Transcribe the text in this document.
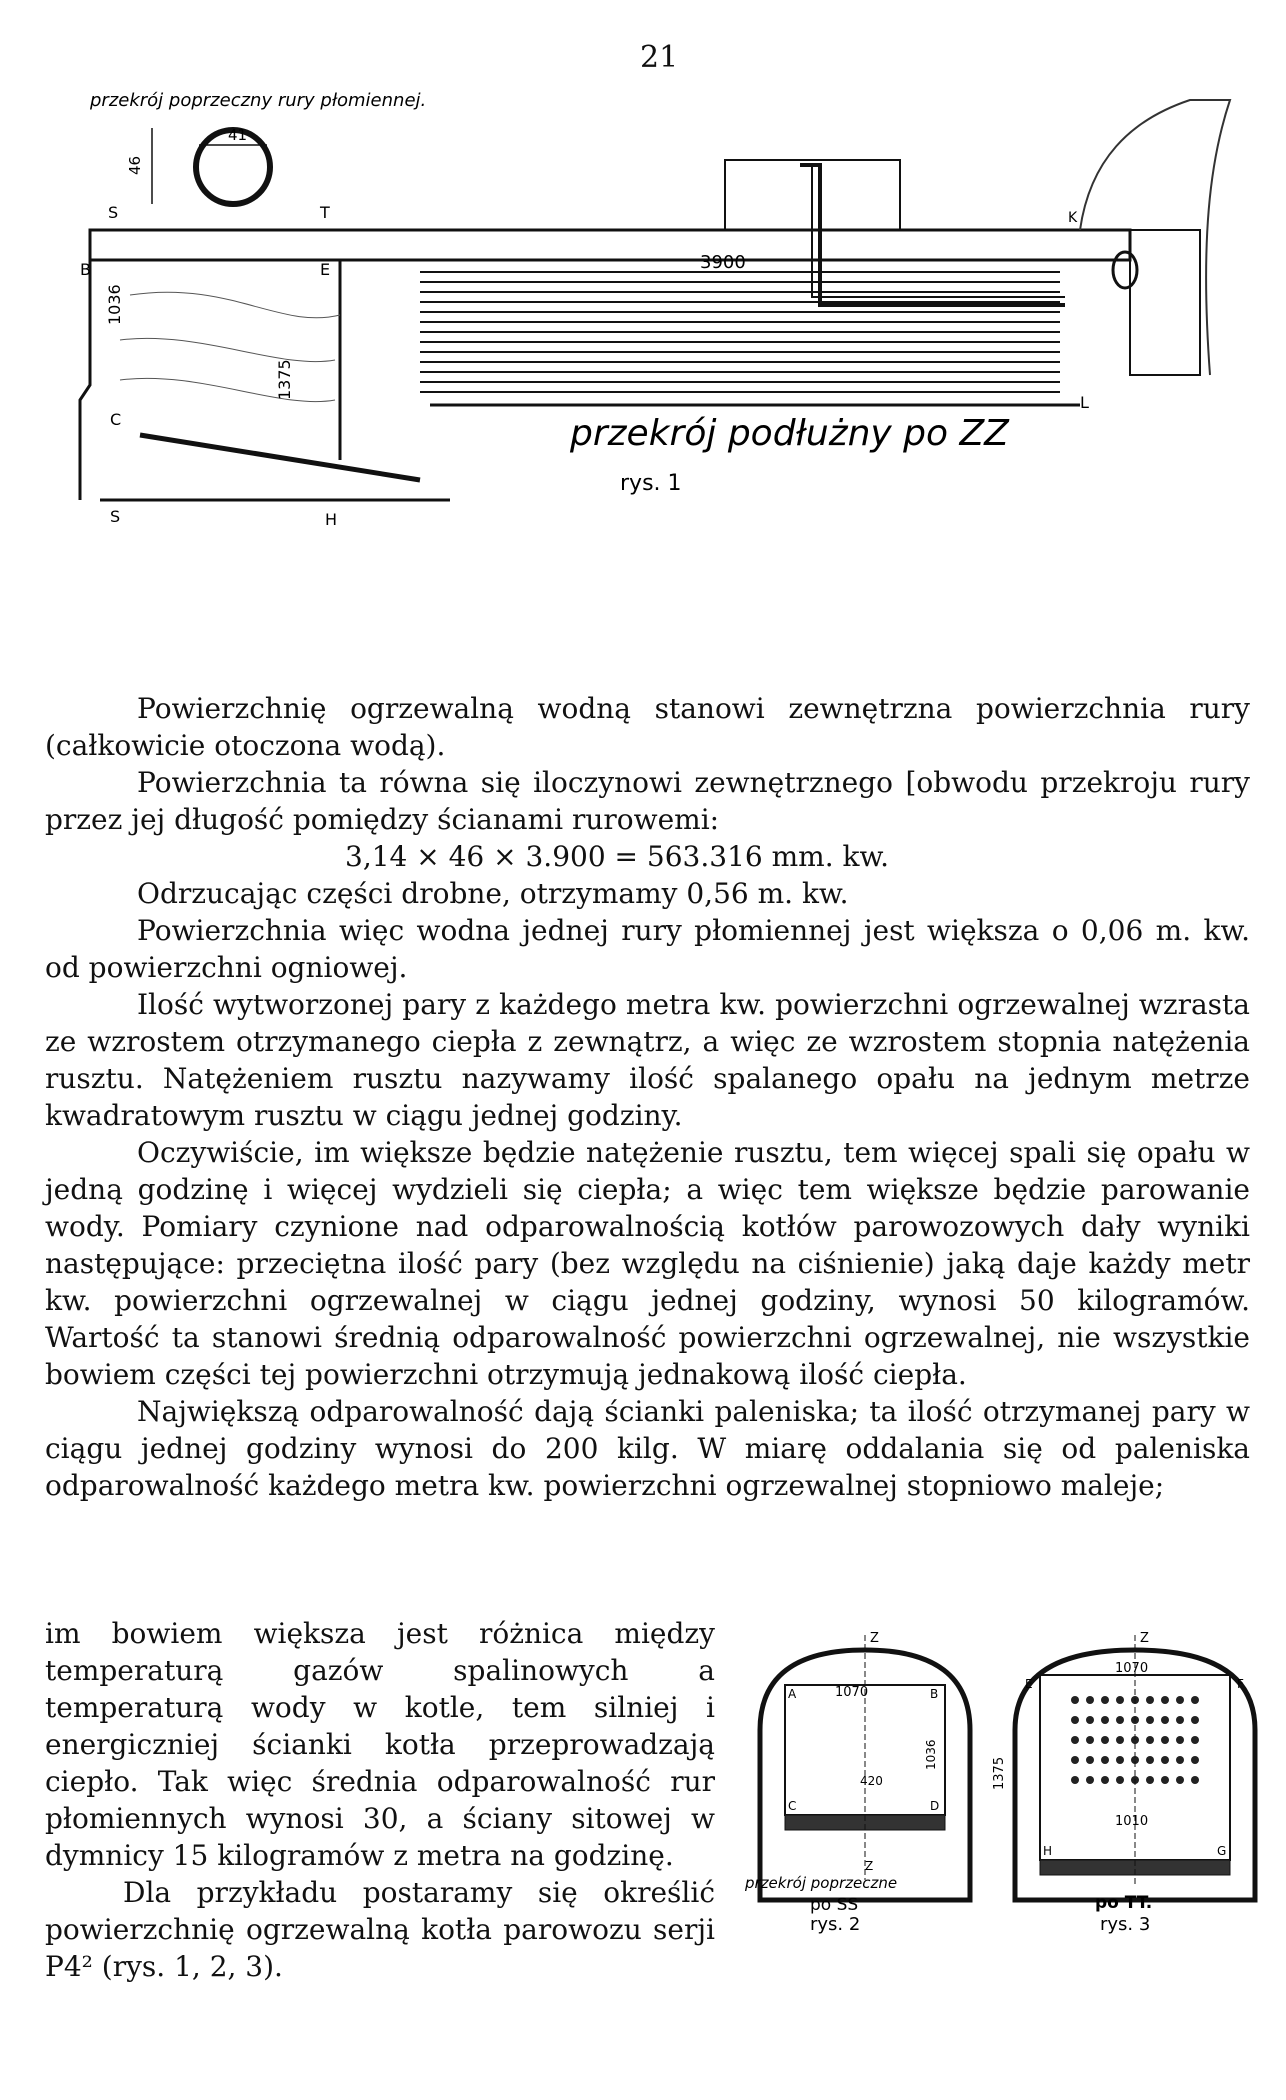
21
przekrój poprzeczny rury płomiennej.
41
46
3900
1036
1375
S	T
B	E
C
S	H
K
L
przekrój podłużny po ZZ
rys. 1

Powierzchnię ogrzewalną wodną stanowi zewnętrzna powierzchnia rury (całkowicie otoczona wodą).

Powierzchnia ta równa się iloczynowi zewnętrznego [obwodu przekroju rury przez jej długość pomiędzy ścianami rurowemi:

3,14 × 46 × 3.900 = 563.316 mm. kw.

Odrzucając części drobne, otrzymamy 0,56 m. kw.

Powierzchnia więc wodna jednej rury płomiennej jest większa o 0,06 m. kw. od powierzchni ogniowej.

Ilość wytworzonej pary z każdego metra kw. powierzchni ogrzewalnej wzrasta ze wzrostem otrzymanego ciepła z zewnątrz, a więc ze wzrostem stopnia natężenia rusztu. Natężeniem rusztu nazywamy ilość spalanego opału na jednym metrze kwadratowym rusztu w ciągu jednej godziny.

Oczywiście, im większe będzie natężenie rusztu, tem więcej spali się opału w jedną godzinę i więcej wydzieli się ciepła; a więc tem większe będzie parowanie wody. Pomiary czynione nad odparowalnością kotłów parowozowych dały wyniki następujące: przeciętna ilość pary (bez względu na ciśnienie) jaką daje każdy metr kw. powierzchni ogrzewalnej w ciągu jednej godziny, wynosi 50 kilogramów. Wartość ta stanowi średnią odparowalność powierzchni ogrzewalnej, nie wszystkie bowiem części tej powierzchni otrzymują jednakową ilość ciepła.

Największą odparowalność dają ścianki paleniska; ta ilość otrzymanej pary w ciągu jednej godziny wynosi do 200 kilg. W miarę oddalania się od paleniska odparowalność każdego metra kw. powierzchni ogrzewalnej stopniowo maleje;

im bowiem większa jest różnica między temperaturą gazów spalinowych a temperaturą wody w kotle, tem silniej i energiczniej ścianki kotła przeprowadzają ciepło. Tak więc średnia odparowalność rur płomiennych wynosi 30, a ściany sitowej w dymnicy 15 kilogramów z metra na godzinę.

Dla przykładu postaramy się określić powierzchnię ogrzewalną kotła parowozu serji P4² (rys. 1, 2, 3).

Z
A	B
1070
1036
420
C	D
Z
przekrój poprzeczne
po SS
rys. 2
Z
1070
E	F
1375
1010
H	G
po TT.
rys. 3
